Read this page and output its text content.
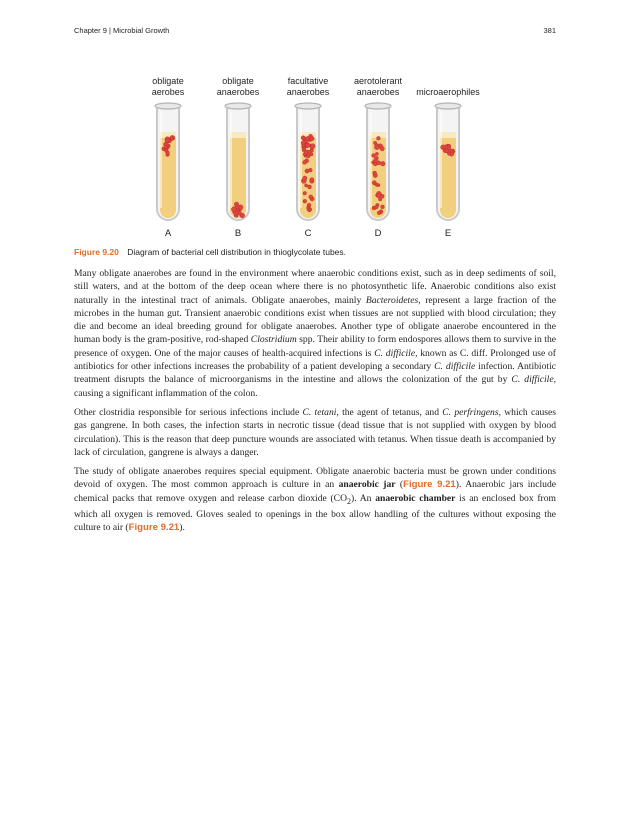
Chapter 9 | Microbial Growth	381
obligate
aerobes
A
obligate
anaerobes
B
facultative
anaerobes
C
aerotolerant
anaerobes
D
microaerophiles
E
Figure 9.20 Diagram of bacterial cell distribution in thioglycolate tubes.

Many obligate anaerobes are found in the environment where anaerobic conditions exist, such as in deep sediments of soil, still waters, and at the bottom of the deep ocean where there is no photosynthetic life. Anaerobic conditions also exist naturally in the intestinal tract of animals. Obligate anaerobes, mainly Bacteroidetes, represent a large fraction of the microbes in the human gut. Transient anaerobic conditions exist when tissues are not supplied with blood circulation; they die and become an ideal breeding ground for obligate anaerobes. Another type of obligate anaerobe encountered in the human body is the gram-positive, rod-shaped Clostridium spp. Their ability to form endospores allows them to survive in the presence of oxygen. One of the major causes of health-acquired infections is C. difficile, known as C. diff. Prolonged use of antibiotics for other infections increases the probability of a patient developing a secondary C. difficile infection. Antibiotic treatment disrupts the balance of microorganisms in the intestine and allows the colonization of the gut by C. difficile, causing a significant inflammation of the colon.

Other clostridia responsible for serious infections include C. tetani, the agent of tetanus, and C. perfringens, which causes gas gangrene. In both cases, the infection starts in necrotic tissue (dead tissue that is not supplied with oxygen by blood circulation). This is the reason that deep puncture wounds are associated with tetanus. When tissue death is accompanied by lack of circulation, gangrene is always a danger.

The study of obligate anaerobes requires special equipment. Obligate anaerobic bacteria must be grown under conditions devoid of oxygen. The most common approach is culture in an anaerobic jar (Figure 9.21). Anaerobic jars include chemical packs that remove oxygen and release carbon dioxide $(CO_2)$. An anaerobic chamber is an enclosed box from which all oxygen is removed. Gloves sealed to openings in the box allow handling of the cultures without exposing the culture to air (Figure 9.21).
